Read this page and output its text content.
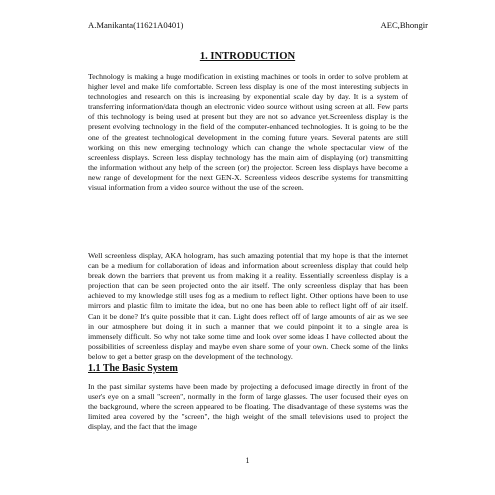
A.Manikanta(11621A0401)	AEC,Bhongir
1. INTRODUCTION

Technology is making a huge modification in existing machines or tools in order to solve problem at higher level and make life comfortable. Screen less display is one of the most interesting subjects in technologies and research on this is increasing by exponential scale day by day. It is a system of transferring information/data though an electronic video source without using screen at all. Few parts of this technology is being used at present but they are not so advance yet.Screenless display is the present evolving technology in the field of the computer-enhanced technologies. It is going to be the one of the greatest technological development in the coming future years. Several patents are still working on this new emerging technology which can change the whole spectacular view of the screenless displays. Screen less display technology has the main aim of displaying (or) transmitting the information without any help of the screen (or) the projector. Screen less displays have become a new range of development for the next GEN-X. Screenless videos describe systems for transmitting visual information from a video source without the use of the screen.

Well screenless display, AKA hologram, has such amazing potential that my hope is that the internet can be a medium for collaboration of ideas and information about screenless display that could help break down the barriers that prevent us from making it a reality. Essentially screenless display is a projection that can be seen projected onto the air itself. The only screenless display that has been achieved to my knowledge still uses fog as a medium to reflect light. Other options have been to use mirrors and plastic film to imitate the idea, but no one has been able to reflect light off of air itself. Can it be done? It's quite possible that it can. Light does reflect off of large amounts of air as we see in our atmosphere but doing it in such a manner that we could pinpoint it to a single area is immensely difficult. So why not take some time and look over some ideas I have collected about the possibilities of screenless display and maybe even share some of your own. Check some of the links below to get a better grasp on the development of the technology.

1.1 The Basic System

In the past similar systems have been made by projecting a defocused image directly in front of the user's eye on a small "screen", normally in the form of large glasses. The user focused their eyes on the background, where the screen appeared to be floating. The disadvantage of these systems was the limited area covered by the "screen", the high weight of the small televisions used to project the display, and the fact that the image

1
